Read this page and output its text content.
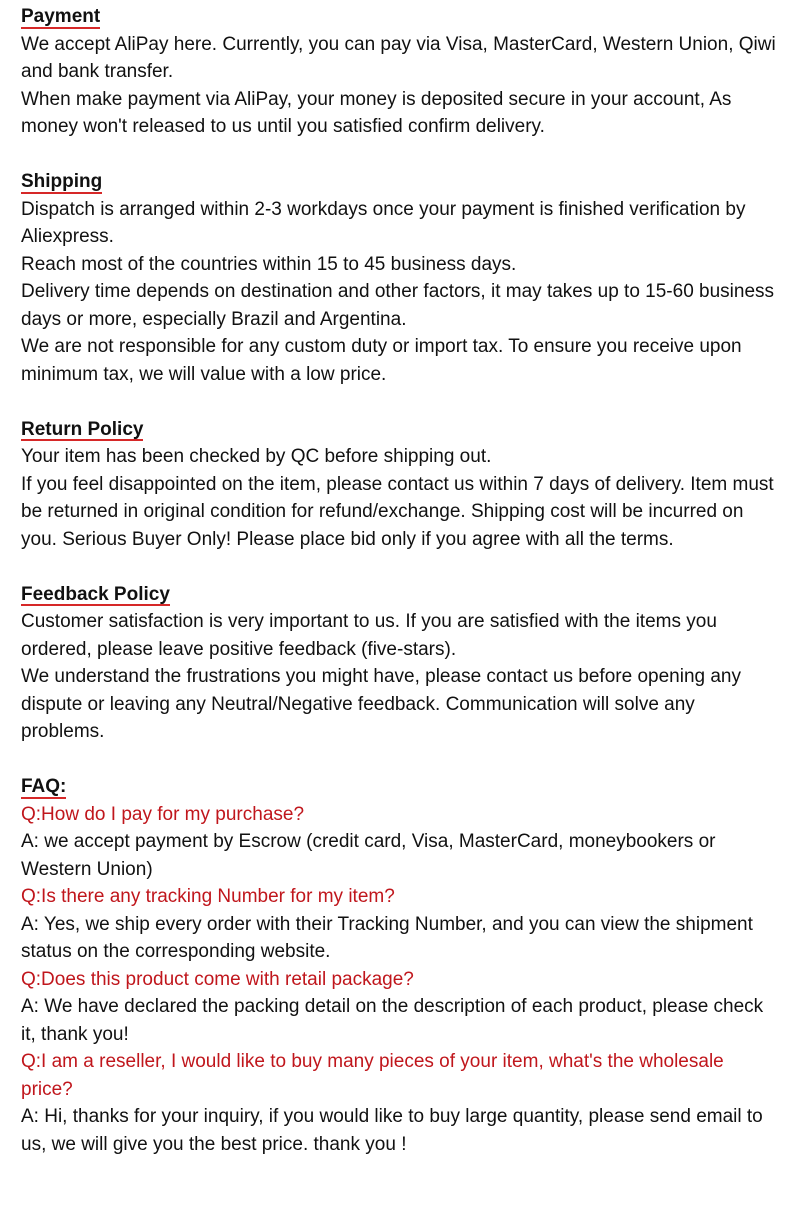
Payment

We accept AliPay here. Currently, you can pay via Visa, MasterCard, Western Union, Qiwi and bank transfer.

When make payment via AliPay, your money is deposited secure in your account, As money won't released to us until you satisfied confirm delivery.

Shipping

Dispatch is arranged within 2-3 workdays once your payment is finished verification by Aliexpress.

Reach most of the countries within 15 to 45 business days.

Delivery time depends on destination and other factors, it may takes up to 15-60 business days or more, especially Brazil and Argentina.

We are not responsible for any custom duty or import tax. To ensure you receive upon minimum tax, we will value with a low price.

Return Policy

Your item has been checked by QC before shipping out.

If you feel disappointed on the item, please contact us within 7 days of delivery. Item must be returned in original condition for refund/exchange. Shipping cost will be incurred on you. Serious Buyer Only! Please place bid only if you agree with all the terms.

Feedback Policy

Customer satisfaction is very important to us. If you are satisfied with the items you ordered, please leave positive feedback (five-stars).

We understand the frustrations you might have, please contact us before opening any dispute or leaving any Neutral/Negative feedback. Communication will solve any problems.

FAQ:

Q:How do I pay for my purchase?

A: we accept payment by Escrow (credit card, Visa, MasterCard, moneybookers or Western Union)

Q:Is there any tracking Number for my item?

A: Yes, we ship every order with their Tracking Number, and you can view the shipment status on the corresponding website.

Q:Does this product come with retail package?

A: We have declared the packing detail on the description of each product, please check it, thank you!

Q:I am a reseller, I would like to buy many pieces of your item, what's the wholesale price?

A: Hi, thanks for your inquiry, if you would like to buy large quantity, please send email to us, we will give you the best price. thank you !
